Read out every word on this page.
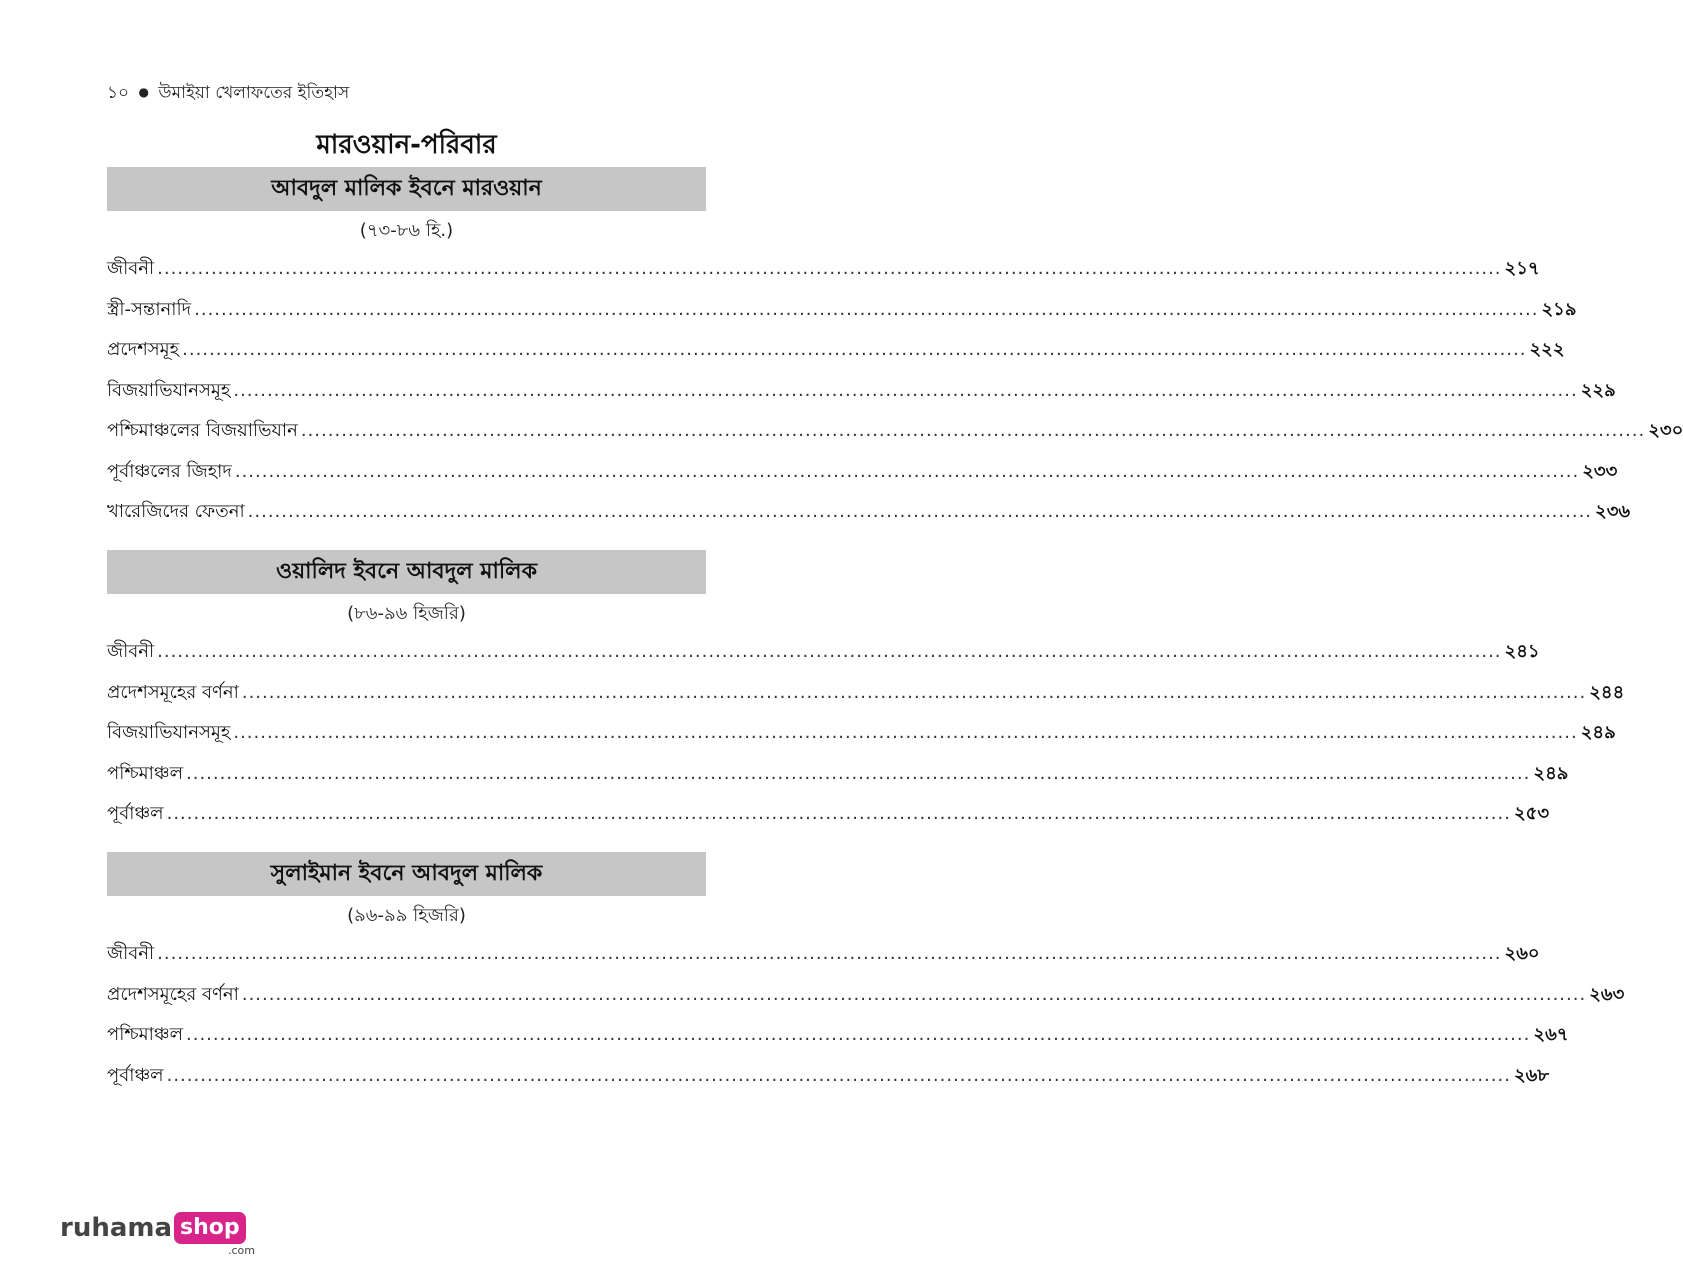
১০ ● উমাইয়া খেলাফতের ইতিহাস
মারওয়ান-পরিবার
আবদুল মালিক ইবনে মারওয়ান
(৭৩-৮৬ হি.)
জীবনী ........................................................................................................................................................................................................ ২১৭
স্ত্রী-সন্তানাদি ........................................................................................................................................................................................................ ২১৯
প্রদেশসমূহ ........................................................................................................................................................................................................ ২২২
বিজয়াভিযানসমূহ ........................................................................................................................................................................................................ ২২৯
পশ্চিমাঞ্চলের বিজয়াভিযান ........................................................................................................................................................................................................ ২৩০
পূর্বাঞ্চলের জিহাদ ........................................................................................................................................................................................................ ২৩৩
খারেজিদের ফেতনা ........................................................................................................................................................................................................ ২৩৬
ওয়ালিদ ইবনে আবদুল মালিক
(৮৬-৯৬ হিজরি)
জীবনী ........................................................................................................................................................................................................ ২৪১
প্রদেশসমূহের বর্ণনা ........................................................................................................................................................................................................ ২৪৪
বিজয়াভিযানসমূহ ........................................................................................................................................................................................................ ২৪৯
পশ্চিমাঞ্চল ........................................................................................................................................................................................................ ২৪৯
পূর্বাঞ্চল ........................................................................................................................................................................................................ ২৫৩
সুলাইমান ইবনে আবদুল মালিক
(৯৬-৯৯ হিজরি)
জীবনী ........................................................................................................................................................................................................ ২৬০
প্রদেশসমূহের বর্ণনা ........................................................................................................................................................................................................ ২৬৩
পশ্চিমাঞ্চল ........................................................................................................................................................................................................ ২৬৭
পূর্বাঞ্চল ........................................................................................................................................................................................................ ২৬৮
ruhama shop
.com
